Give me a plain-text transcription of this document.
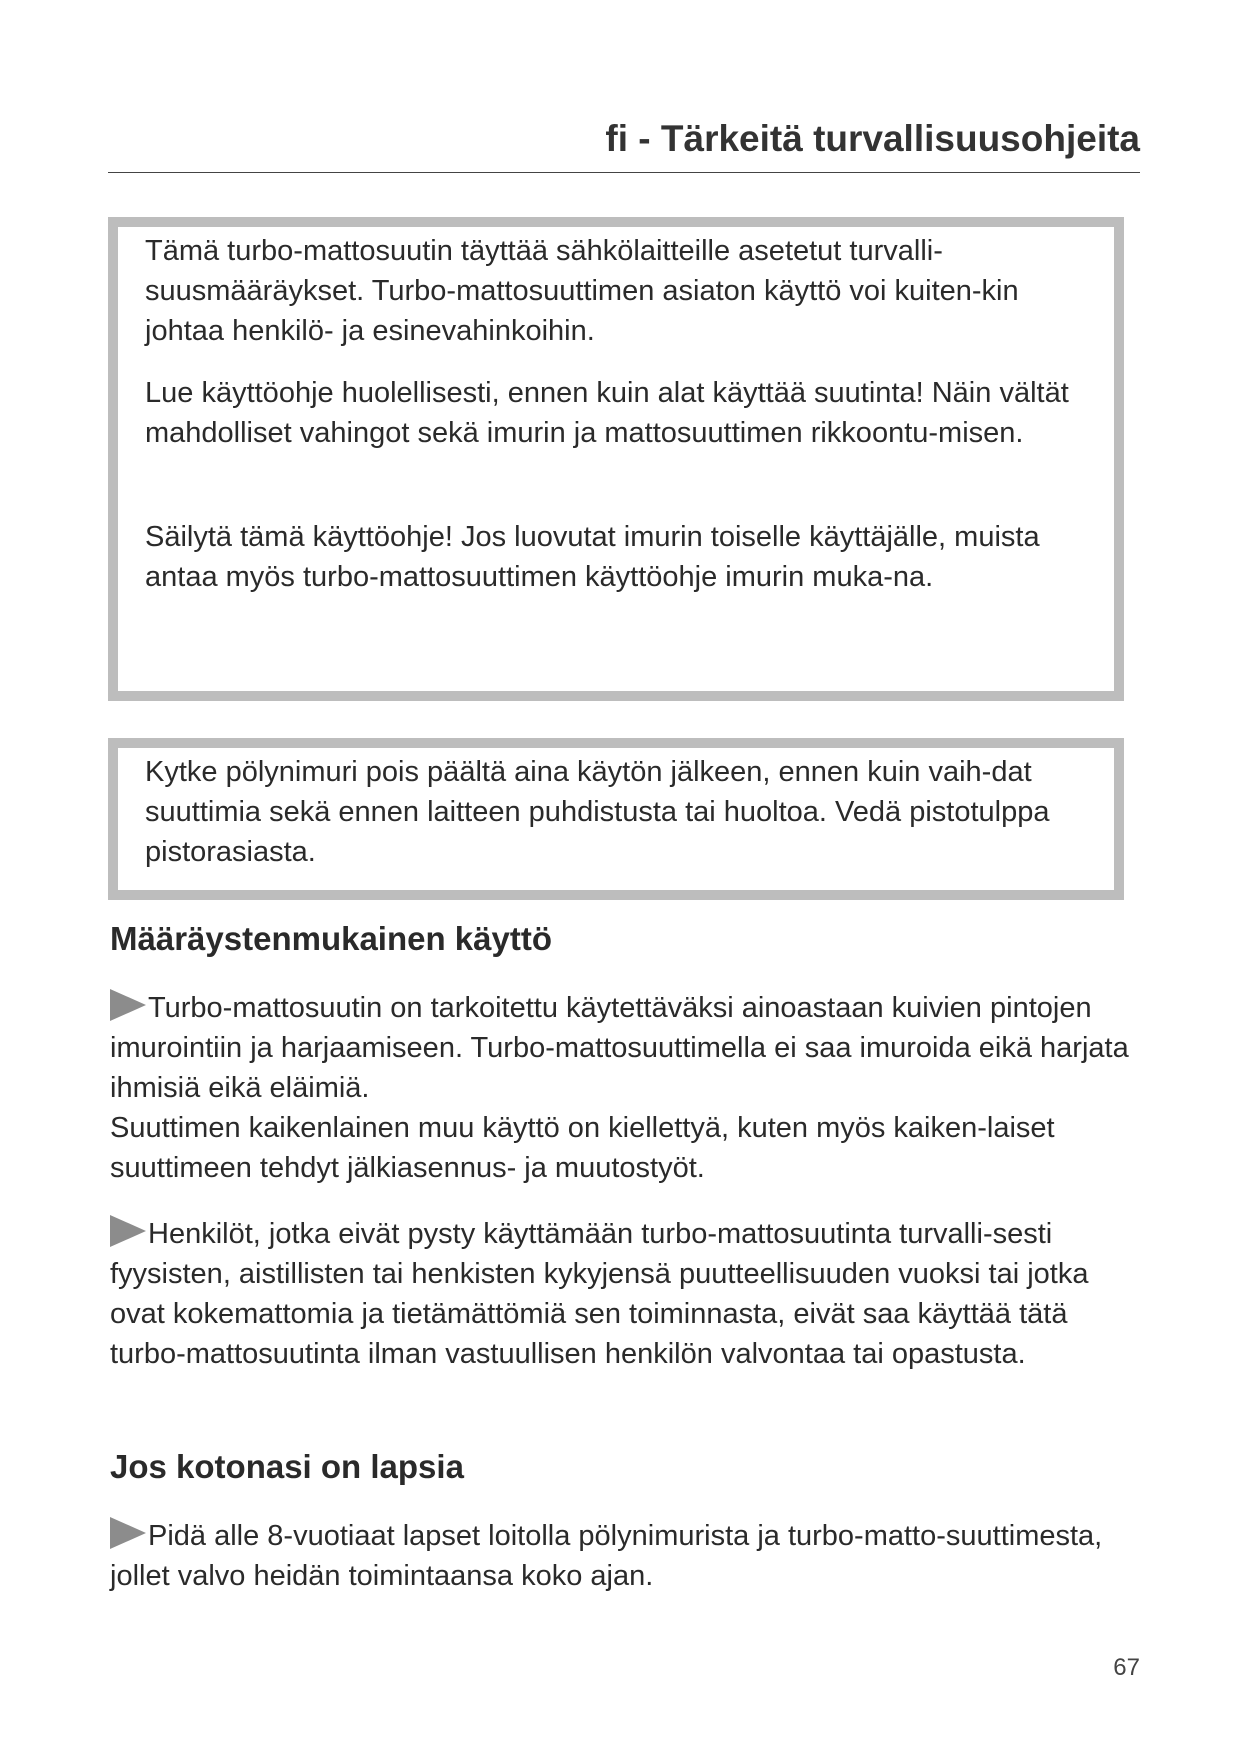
fi - Tärkeitä turvallisuusohjeita

Tämä turbo-mattosuutin täyttää sähkölaitteille asetetut turvalli-suusmääräykset. Turbo-mattosuuttimen asiaton käyttö voi kuiten-kin johtaa henkilö- ja esinevahinkoihin.

Lue käyttöohje huolellisesti, ennen kuin alat käyttää suutinta! Näin vältät mahdolliset vahingot sekä imurin ja mattosuuttimen rikkoontu-misen.

Säilytä tämä käyttöohje! Jos luovutat imurin toiselle käyttäjälle, muista antaa myös turbo-mattosuuttimen käyttöohje imurin muka-na.

Kytke pölynimuri pois päältä aina käytön jälkeen, ennen kuin vaih-dat suuttimia sekä ennen laitteen puhdistusta tai huoltoa. Vedä pistotulppa pistorasiasta.

Määräystenmukainen käyttö

Turbo-mattosuutin on tarkoitettu käytettäväksi ainoastaan kuivien pintojen imurointiin ja harjaamiseen. Turbo-mattosuuttimella ei saa imuroida eikä harjata ihmisiä eikä eläimiä.
Suuttimen kaikenlainen muu käyttö on kiellettyä, kuten myös kaiken-laiset suuttimeen tehdyt jälkiasennus- ja muutostyöt.

Henkilöt, jotka eivät pysty käyttämään turbo-mattosuutinta turvalli-sesti fyysisten, aistillisten tai henkisten kykyjensä puutteellisuuden vuoksi tai jotka ovat kokemattomia ja tietämättömiä sen toiminnasta, eivät saa käyttää tätä turbo-mattosuutinta ilman vastuullisen henkilön valvontaa tai opastusta.

Jos kotonasi on lapsia

Pidä alle 8-vuotiaat lapset loitolla pölynimurista ja turbo-matto-suuttimesta, jollet valvo heidän toimintaansa koko ajan.

67
